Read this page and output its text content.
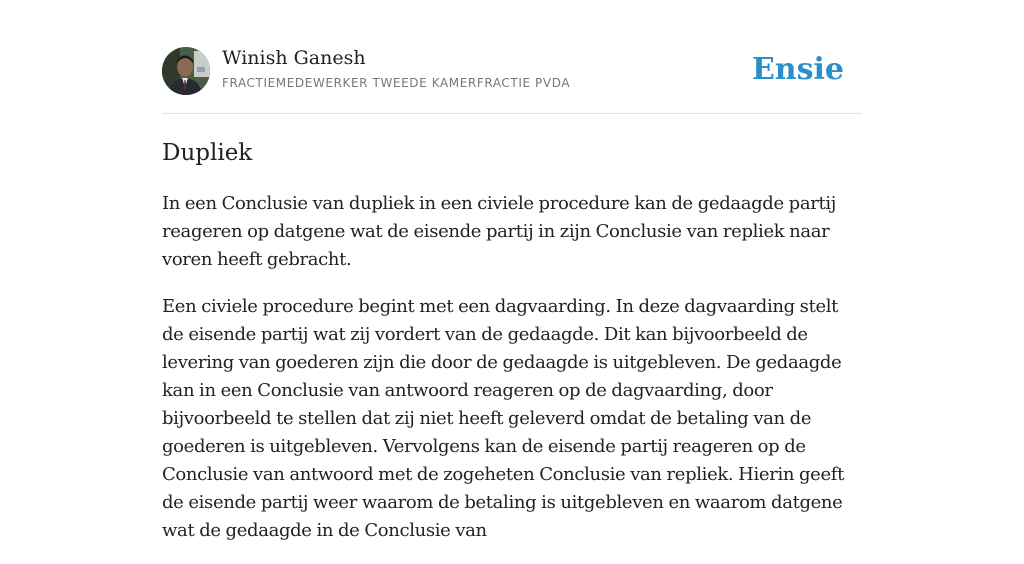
Winish Ganesh
FRACTIEMEDEWERKER TWEEDE KAMERFRACTIE PVDA	Ensie
Dupliek

In een Conclusie van dupliek in een civiele procedure kan de gedaagde partij reageren op datgene wat de eisende partij in zijn Conclusie van repliek naar voren heeft gebracht.

Een civiele procedure begint met een dagvaarding. In deze dagvaarding stelt de eisende partij wat zij vordert van de gedaagde. Dit kan bijvoorbeeld de levering van goederen zijn die door de gedaagde is uitgebleven. De gedaagde kan in een Conclusie van antwoord reageren op de dagvaarding, door bijvoorbeeld te stellen dat zij niet heeft geleverd omdat de betaling van de goederen is uitgebleven. Vervolgens kan de eisende partij reageren op de Conclusie van antwoord met de zogeheten Conclusie van repliek. Hierin geeft de eisende partij weer waarom de betaling is uitgebleven en waarom datgene wat de gedaagde in de Conclusie van
